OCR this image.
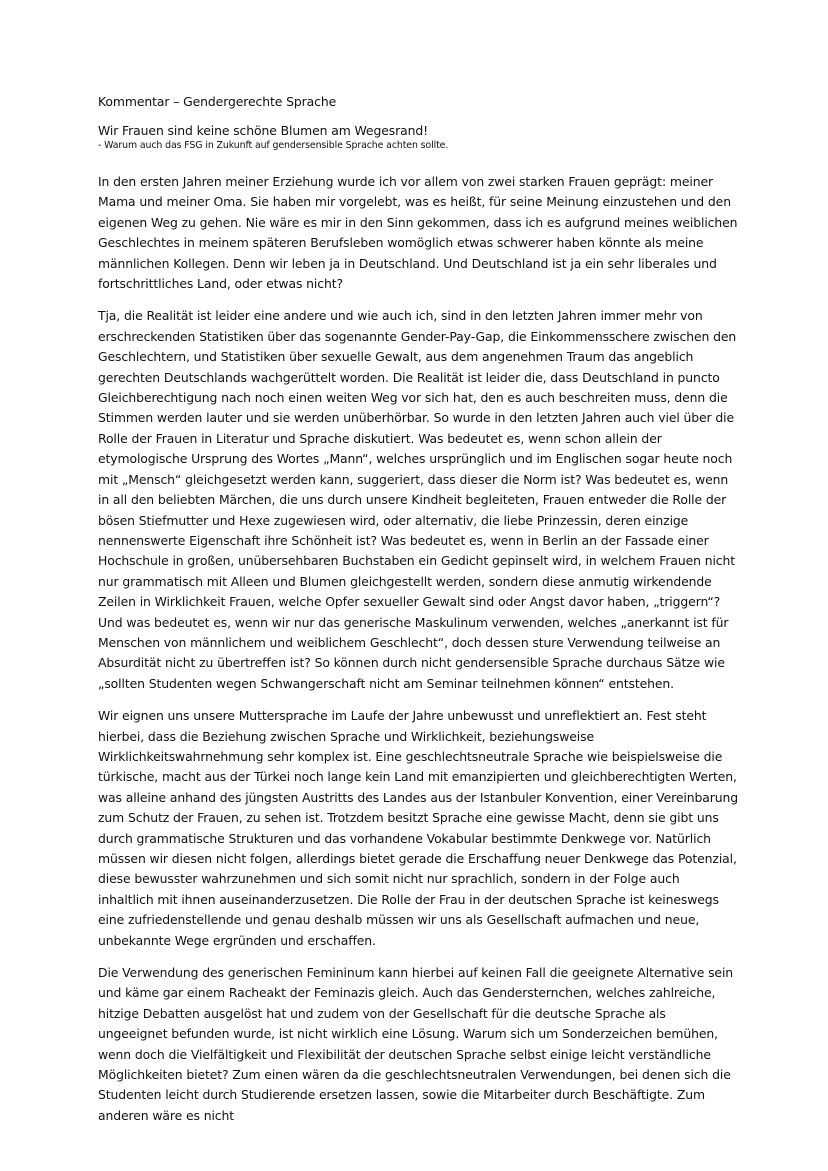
Kommentar – Gendergerechte Sprache

Wir Frauen sind keine schöne Blumen am Wegesrand!

- Warum auch das FSG in Zukunft auf gendersensible Sprache achten sollte.

In den ersten Jahren meiner Erziehung wurde ich vor allem von zwei starken Frauen geprägt: meiner Mama und meiner Oma. Sie haben mir vorgelebt, was es heißt, für seine Meinung einzustehen und den eigenen Weg zu gehen. Nie wäre es mir in den Sinn gekommen, dass ich es aufgrund meines weiblichen Geschlechtes in meinem späteren Berufsleben womöglich etwas schwerer haben könnte als meine männlichen Kollegen. Denn wir leben ja in Deutschland. Und Deutschland ist ja ein sehr liberales und fortschrittliches Land, oder etwas nicht?

Tja, die Realität ist leider eine andere und wie auch ich, sind in den letzten Jahren immer mehr von erschreckenden Statistiken über das sogenannte Gender-Pay-Gap, die Einkommensschere zwischen den Geschlechtern, und Statistiken über sexuelle Gewalt, aus dem angenehmen Traum das angeblich gerechten Deutschlands wachgerüttelt worden. Die Realität ist leider die, dass Deutschland in puncto Gleichberechtigung nach noch einen weiten Weg vor sich hat, den es auch beschreiten muss, denn die Stimmen werden lauter und sie werden unüberhörbar. So wurde in den letzten Jahren auch viel über die Rolle der Frauen in Literatur und Sprache diskutiert. Was bedeutet es, wenn schon allein der etymologische Ursprung des Wortes „Mann“, welches ursprünglich und im Englischen sogar heute noch mit „Mensch“ gleichgesetzt werden kann, suggeriert, dass dieser die Norm ist? Was bedeutet es, wenn in all den beliebten Märchen, die uns durch unsere Kindheit begleiteten, Frauen entweder die Rolle der bösen Stiefmutter und Hexe zugewiesen wird, oder alternativ, die liebe Prinzessin, deren einzige nennenswerte Eigenschaft ihre Schönheit ist? Was bedeutet es, wenn in Berlin an der Fassade einer Hochschule in großen, unübersehbaren Buchstaben ein Gedicht gepinselt wird, in welchem Frauen nicht nur grammatisch mit Alleen und Blumen gleichgestellt werden, sondern diese anmutig wirkendende Zeilen in Wirklichkeit Frauen, welche Opfer sexueller Gewalt sind oder Angst davor haben, „triggern“? Und was bedeutet es, wenn wir nur das generische Maskulinum verwenden, welches „anerkannt ist für Menschen von männlichem und weiblichem Geschlecht“, doch dessen sture Verwendung teilweise an Absurdität nicht zu übertreffen ist? So können durch nicht gendersensible Sprache durchaus Sätze wie „sollten Studenten wegen Schwangerschaft nicht am Seminar teilnehmen können“ entstehen.

Wir eignen uns unsere Muttersprache im Laufe der Jahre unbewusst und unreflektiert an. Fest steht hierbei, dass die Beziehung zwischen Sprache und Wirklichkeit, beziehungsweise Wirklichkeitswahrnehmung sehr komplex ist. Eine geschlechtsneutrale Sprache wie beispielsweise die türkische, macht aus der Türkei noch lange kein Land mit emanzipierten und gleichberechtigten Werten, was alleine anhand des jüngsten Austritts des Landes aus der Istanbuler Konvention, einer Vereinbarung zum Schutz der Frauen, zu sehen ist. Trotzdem besitzt Sprache eine gewisse Macht, denn sie gibt uns durch grammatische Strukturen und das vorhandene Vokabular bestimmte Denkwege vor. Natürlich müssen wir diesen nicht folgen, allerdings bietet gerade die Erschaffung neuer Denkwege das Potenzial, diese bewusster wahrzunehmen und sich somit nicht nur sprachlich, sondern in der Folge auch inhaltlich mit ihnen auseinanderzusetzen. Die Rolle der Frau in der deutschen Sprache ist keineswegs eine zufriedenstellende und genau deshalb müssen wir uns als Gesellschaft aufmachen und neue, unbekannte Wege ergründen und erschaffen.

Die Verwendung des generischen Femininum kann hierbei auf keinen Fall die geeignete Alternative sein und käme gar einem Racheakt der Feminazis gleich. Auch das Gendersternchen, welches zahlreiche, hitzige Debatten ausgelöst hat und zudem von der Gesellschaft für die deutsche Sprache als ungeeignet befunden wurde, ist nicht wirklich eine Lösung. Warum sich um Sonderzeichen bemühen, wenn doch die Vielfältigkeit und Flexibilität der deutschen Sprache selbst einige leicht verständliche Möglichkeiten bietet? Zum einen wären da die geschlechtsneutralen Verwendungen, bei denen sich die Studenten leicht durch Studierende ersetzen lassen, sowie die Mitarbeiter durch Beschäftigte. Zum anderen wäre es nicht
